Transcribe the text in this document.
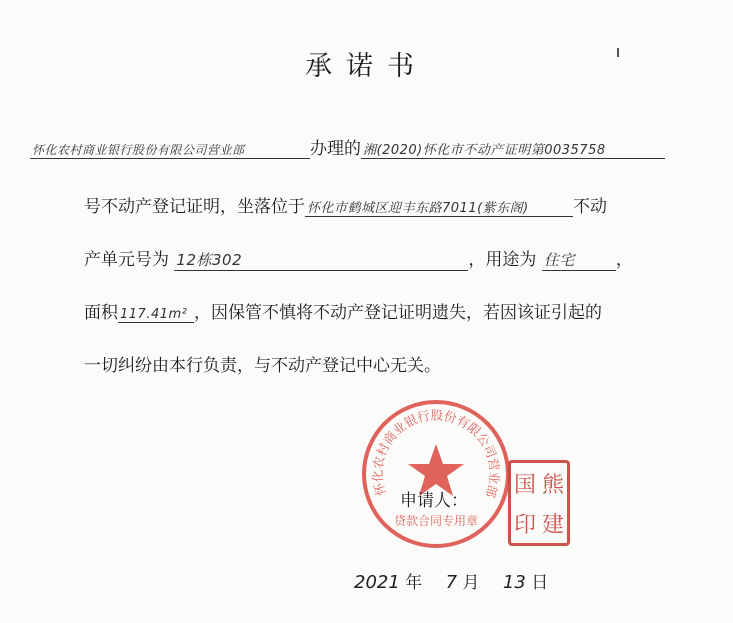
承诺书
怀化农村商业银行股份有限公司营业部	办理的 湘(2020)怀化市不动产证明第0035758
号不动产登记证明，坐落位于 怀化市鹤城区迎丰东路7011(紫东阁)	不动
产单元号为 12栋302	，用途为 住宅 ，
面积 117.41m² ，因保管不慎将不动产登记证明遗失，若因该证引起的
一切纠纷由本行负责，与不动产登记中心无关。
怀化农村商业银行股份有限公司营业部
贷款合同专用章
申请人：
国 熊
印 建
2021 年 7 月 13 日
